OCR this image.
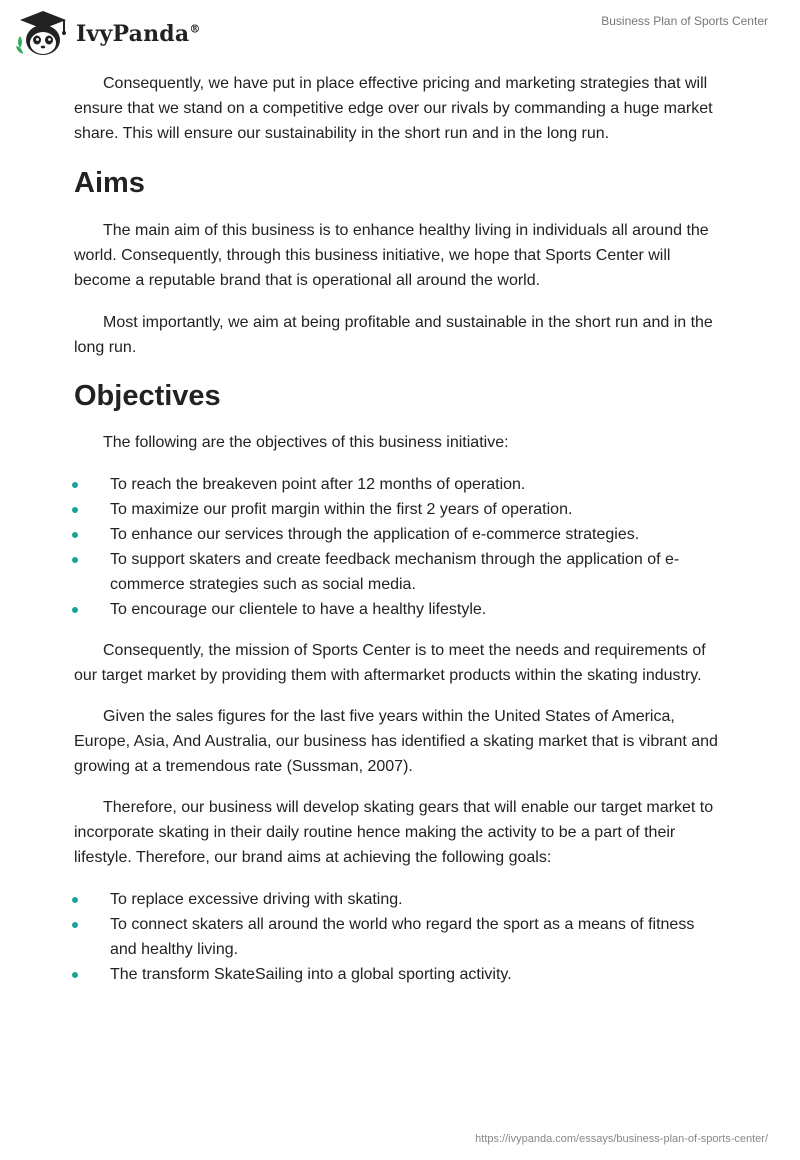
IvyPanda®
Business Plan of Sports Center

Consequently, we have put in place effective pricing and marketing strategies that will ensure that we stand on a competitive edge over our rivals by commanding a huge market share. This will ensure our sustainability in the short run and in the long run.

Aims

The main aim of this business is to enhance healthy living in individuals all around the world. Consequently, through this business initiative, we hope that Sports Center will become a reputable brand that is operational all around the world.

Most importantly, we aim at being profitable and sustainable in the short run and in the long run.

Objectives

The following are the objectives of this business initiative:

To reach the breakeven point after 12 months of operation.
To maximize our profit margin within the first 2 years of operation.
To enhance our services through the application of e-commerce strategies.
To support skaters and create feedback mechanism through the application of e-commerce strategies such as social media.
To encourage our clientele to have a healthy lifestyle.

Consequently, the mission of Sports Center is to meet the needs and requirements of our target market by providing them with aftermarket products within the skating industry.

Given the sales figures for the last five years within the United States of America, Europe, Asia, And Australia, our business has identified a skating market that is vibrant and growing at a tremendous rate (Sussman, 2007).

Therefore, our business will develop skating gears that will enable our target market to incorporate skating in their daily routine hence making the activity to be a part of their lifestyle. Therefore, our brand aims at achieving the following goals:

To replace excessive driving with skating.
To connect skaters all around the world who regard the sport as a means of fitness and healthy living.
The transform SkateSailing into a global sporting activity.
https://ivypanda.com/essays/business-plan-of-sports-center/
